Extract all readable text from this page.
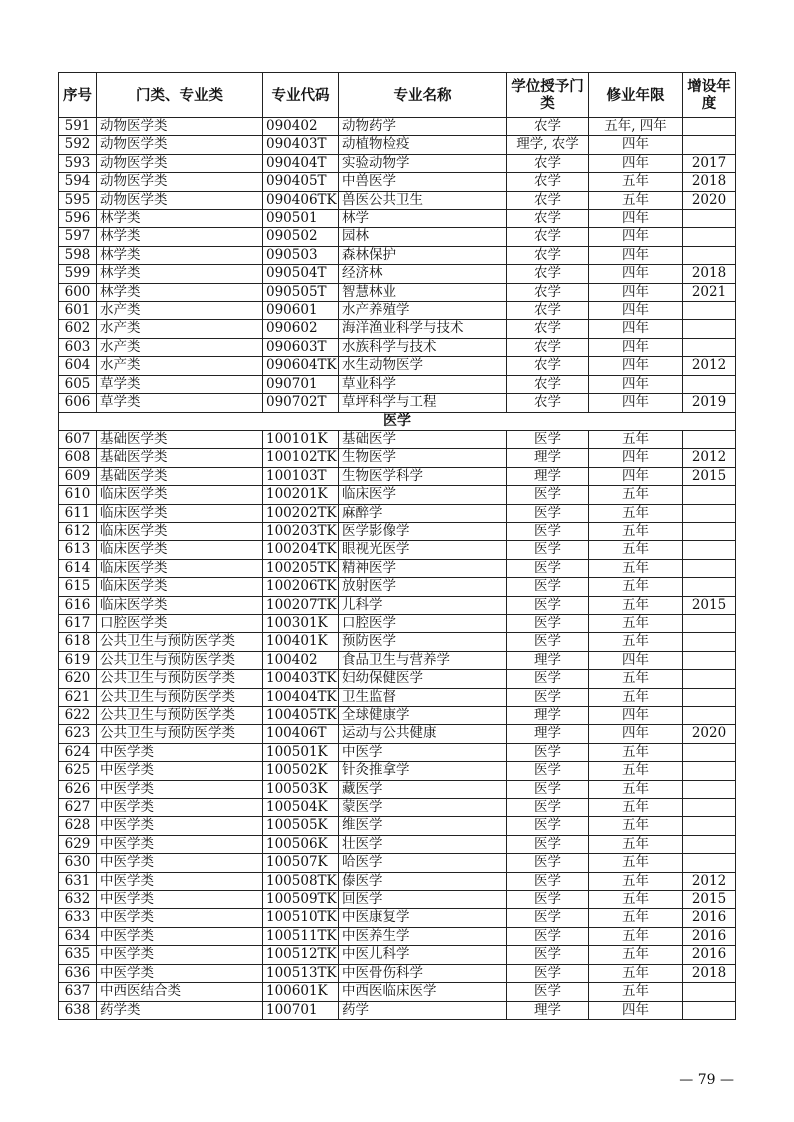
序号	门类、专业类	专业代码	专业名称	学位授予门类	修业年限	增设年度
591	动物医学类	090402	动物药学	农学	五年, 四年	
592	动物医学类	090403T	动植物检疫	理学, 农学	四年	
593	动物医学类	090404T	实验动物学	农学	四年	2017
594	动物医学类	090405T	中兽医学	农学	五年	2018
595	动物医学类	090406TK	兽医公共卫生	农学	五年	2020
596	林学类	090501	林学	农学	四年	
597	林学类	090502	园林	农学	四年	
598	林学类	090503	森林保护	农学	四年	
599	林学类	090504T	经济林	农学	四年	2018
600	林学类	090505T	智慧林业	农学	四年	2021
601	水产类	090601	水产养殖学	农学	四年	
602	水产类	090602	海洋渔业科学与技术	农学	四年	
603	水产类	090603T	水族科学与技术	农学	四年	
604	水产类	090604TK	水生动物医学	农学	四年	2012
605	草学类	090701	草业科学	农学	四年	
606	草学类	090702T	草坪科学与工程	农学	四年	2019
医学						
607	基础医学类	100101K	基础医学	医学	五年	
608	基础医学类	100102TK	生物医学	理学	四年	2012
609	基础医学类	100103T	生物医学科学	理学	四年	2015
610	临床医学类	100201K	临床医学	医学	五年	
611	临床医学类	100202TK	麻醉学	医学	五年	
612	临床医学类	100203TK	医学影像学	医学	五年	
613	临床医学类	100204TK	眼视光医学	医学	五年	
614	临床医学类	100205TK	精神医学	医学	五年	
615	临床医学类	100206TK	放射医学	医学	五年	
616	临床医学类	100207TK	儿科学	医学	五年	2015
617	口腔医学类	100301K	口腔医学	医学	五年	
618	公共卫生与预防医学类	100401K	预防医学	医学	五年	
619	公共卫生与预防医学类	100402	食品卫生与营养学	理学	四年	
620	公共卫生与预防医学类	100403TK	妇幼保健医学	医学	五年	
621	公共卫生与预防医学类	100404TK	卫生监督	医学	五年	
622	公共卫生与预防医学类	100405TK	全球健康学	理学	四年	
623	公共卫生与预防医学类	100406T	运动与公共健康	理学	四年	2020
624	中医学类	100501K	中医学	医学	五年	
625	中医学类	100502K	针灸推拿学	医学	五年	
626	中医学类	100503K	藏医学	医学	五年	
627	中医学类	100504K	蒙医学	医学	五年	
628	中医学类	100505K	维医学	医学	五年	
629	中医学类	100506K	壮医学	医学	五年	
630	中医学类	100507K	哈医学	医学	五年	
631	中医学类	100508TK	傣医学	医学	五年	2012
632	中医学类	100509TK	回医学	医学	五年	2015
633	中医学类	100510TK	中医康复学	医学	五年	2016
634	中医学类	100511TK	中医养生学	医学	五年	2016
635	中医学类	100512TK	中医儿科学	医学	五年	2016
636	中医学类	100513TK	中医骨伤科学	医学	五年	2018
637	中西医结合类	100601K	中西医临床医学	医学	五年	
638	药学类	100701	药学	理学	四年	
— 79 —
